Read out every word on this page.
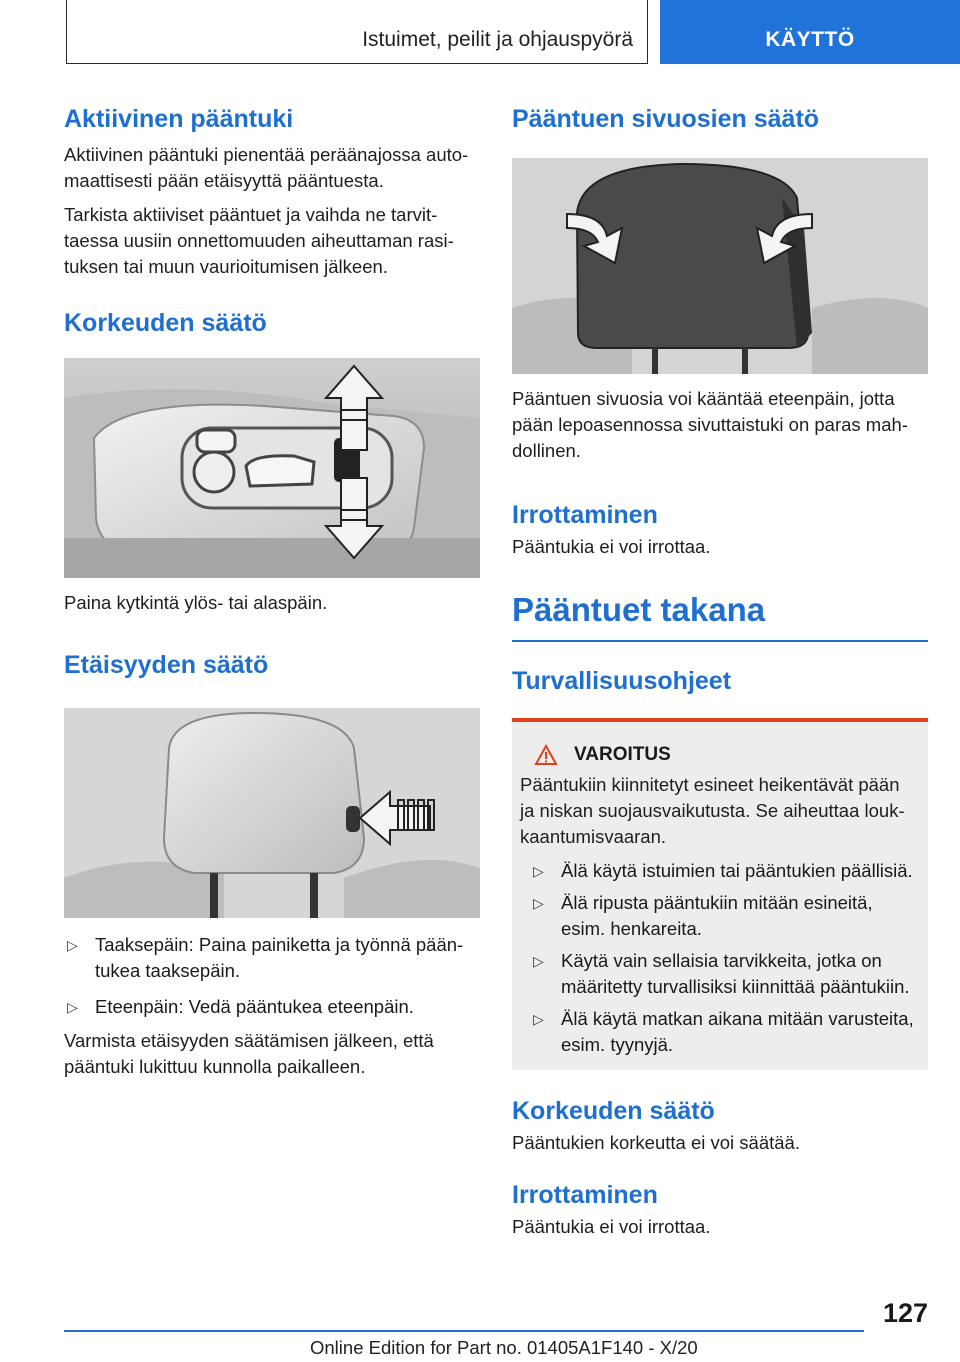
Istuimet, peilit ja ohjauspyörä	KÄYTTÖ
Aktiivinen pääntuki

Aktiivinen pääntuki pienentää peräänajossa auto-
maattisesti pään etäisyyttä pääntuesta.

Tarkista aktiiviset pääntuet ja vaihda ne tarvit-
taessa uusiin onnettomuuden aiheuttaman rasi-
tuksen tai muun vaurioitumisen jälkeen.

Korkeuden säätö

Paina kytkintä ylös- tai alaspäin.

Etäisyyden säätö
▷ Taaksepäin: Paina painiketta ja työnnä pään-
tukea taaksepäin.
▷ Eteenpäin: Vedä pääntukea eteenpäin.

Varmista etäisyyden säätämisen jälkeen, että
pääntuki lukittuu kunnolla paikalleen.

Pääntuen sivuosien säätö

Pääntuen sivuosia voi kääntää eteenpäin, jotta
pään lepoasennossa sivuttaistuki on paras mah-
dollinen.

Irrottaminen

Pääntukia ei voi irrottaa.

Pääntuet takana
Turvallisuusohjeet
VAROITUS

Pääntukiin kiinnitetyt esineet heikentävät pään
ja niskan suojausvaikutusta. Se aiheuttaa louk-
kaantumisvaaran.

▷ Älä käytä istuimien tai pääntukien päällisiä.
▷ Älä ripusta pääntukiin mitään esineitä,
esim. henkareita.
▷ Käytä vain sellaisia tarvikkeita, jotka on
määritetty turvallisiksi kiinnittää pääntukiin.
▷ Älä käytä matkan aikana mitään varusteita,
esim. tyynyjä.
Korkeuden säätö

Pääntukien korkeutta ei voi säätää.

Irrottaminen

Pääntukia ei voi irrottaa.

127
Online Edition for Part no. 01405A1F140 - X/20
